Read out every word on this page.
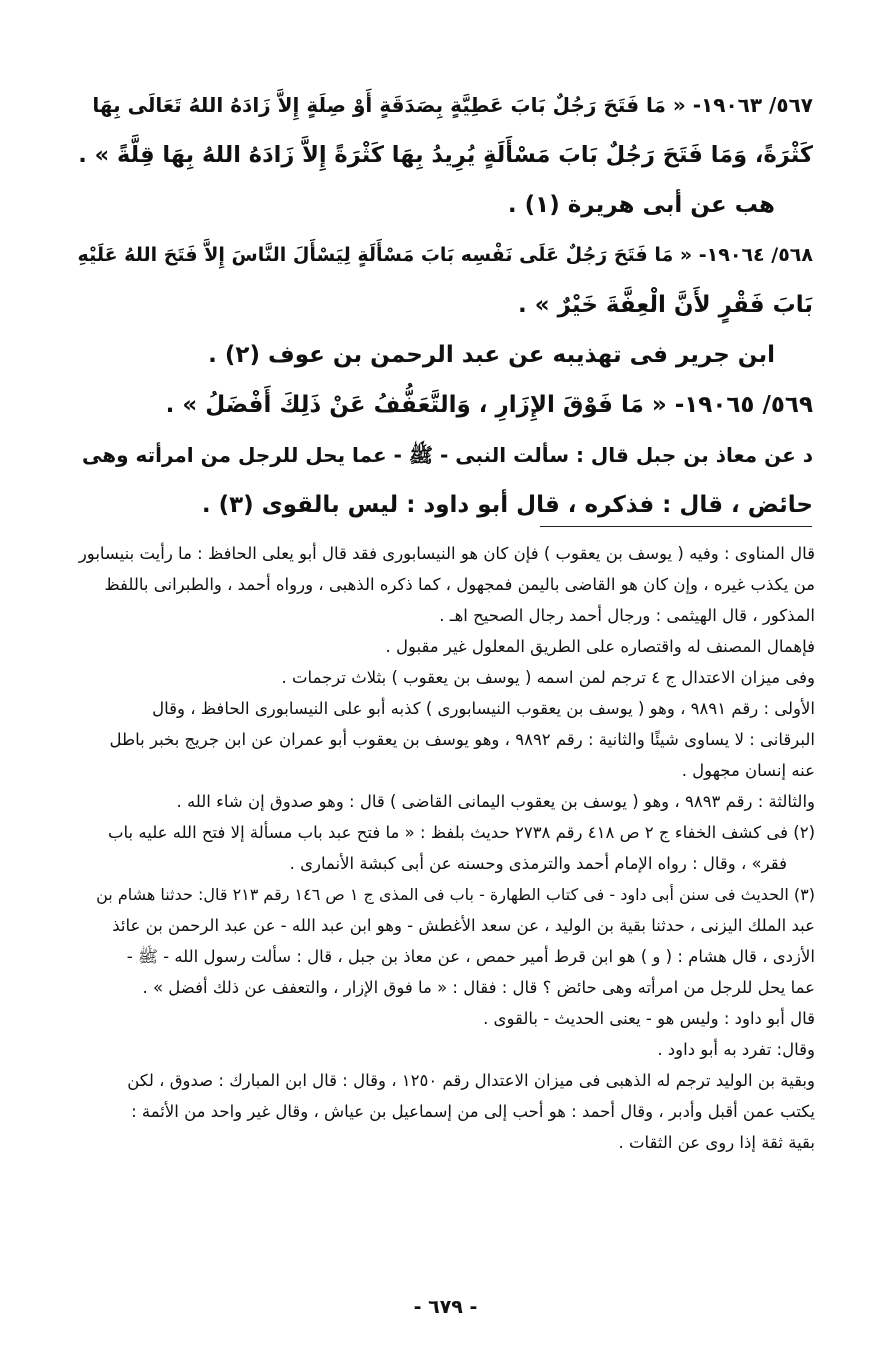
٥٦٧/ ١٩٠٦٣- « مَا فَتَحَ رَجُلٌ بَابَ عَطِيَّةٍ بِصَدَقَةٍ أَوْ صِلَةٍ إِلاَّ زَادَهُ اللهُ تَعَالَى بِهَا

كَثْرَةً، وَمَا فَتَحَ رَجُلٌ بَابَ مَسْأَلَةٍ يُرِيدُ بِهَا كَثْرَةً إِلاَّ زَادَهُ اللهُ بِهَا قِلَّةً » .

هب عن أبى هريرة (١) .

٥٦٨/ ١٩٠٦٤- « مَا فَتَحَ رَجُلٌ عَلَى نَفْسِه بَابَ مَسْأَلَةٍ لِيَسْأَلَ النَّاسَ إِلاَّ فَتَحَ اللهُ عَلَيْهِ

بَابَ فَقْرٍ لأَنَّ الْعِفَّةَ خَيْرٌ » .

ابن جرير فى تهذيبه عن عبد الرحمن بن عوف (٢) .

٥٦٩/ ١٩٠٦٥- « مَا فَوْقَ الإِزَارِ ، وَالتَّعَفُّفُ عَنْ ذَلِكَ أَفْضَلُ » .

د عن معاذ بن جبل قال : سألت النبى - ﷺ - عما يحل للرجل من امرأته وهى

حائض ، قال : فذكره ، قال أبو داود : ليس بالقوى (٣) .

قال المناوى : وفيه ( يوسف بن يعقوب ) فإن كان هو النيسابورى فقد قال أبو يعلى الحافظ : ما رأيت بنيسابور

من يكذب غيره ، وإن كان هو القاضى باليمن فمجهول ، كما ذكره الذهبى ، ورواه أحمد ، والطبرانى باللفظ

المذكور ، قال الهيثمى : ورجال أحمد رجال الصحيح اهـ .

فإهمال المصنف له واقتصاره على الطريق المعلول غير مقبول .

وفى ميزان الاعتدال ج ٤ ترجم لمن اسمه ( يوسف بن يعقوب ) بثلاث ترجمات .

الأولى : رقم ٩٨٩١ ، وهو ( يوسف بن يعقوب النيسابورى ) كذبه أبو على النيسابورى الحافظ ، وقال

البرقانى : لا يساوى شيئًا والثانية : رقم ٩٨٩٢ ، وهو يوسف بن يعقوب أبو عمران عن ابن جريج بخبر باطل

عنه إنسان مجهول .

والثالثة : رقم ٩٨٩٣ ، وهو ( يوسف بن يعقوب اليمانى القاضى ) قال : وهو صدوق إن شاء الله .

(٢) فى كشف الخفاء ج ٢ ص ٤١٨ رقم ٢٧٣٨ حديث بلفظ : « ما فتح عبد باب مسألة إلا فتح الله عليه باب

فقر» ، وقال : رواه الإمام أحمد والترمذى وحسنه عن أبى كبشة الأنمارى .

(٣) الحديث فى سنن أبى داود - فى كتاب الطهارة - باب فى المذى ج ١ ص ١٤٦ رقم ٢١٣ قال: حدثنا هشام بن

عبد الملك اليزنى ، حدثنا بقية بن الوليد ، عن سعد الأغطش - وهو ابن عبد الله - عن عبد الرحمن بن عائذ

الأزدى ، قال هشام : ( و ) هو ابن قرط أمير حمص ، عن معاذ بن جبل ، قال : سألت رسول الله - ﷺ -

عما يحل للرجل من امرأته وهى حائض ؟ قال : فقال : « ما فوق الإزار ، والتعفف عن ذلك أفضل » .

قال أبو داود : وليس هو - يعنى الحديث - بالقوى .

وقال: تفرد به أبو داود .

وبقية بن الوليد ترجم له الذهبى فى ميزان الاعتدال رقم ١٢٥٠ ، وقال : قال ابن المبارك : صدوق ، لكن

يكتب عمن أقبل وأدبر ، وقال أحمد : هو أحب إلى من إسماعيل بن عياش ، وقال غير واحد من الأئمة :

بقية ثقة إذا روى عن الثقات .

- ٦٧٩ -
